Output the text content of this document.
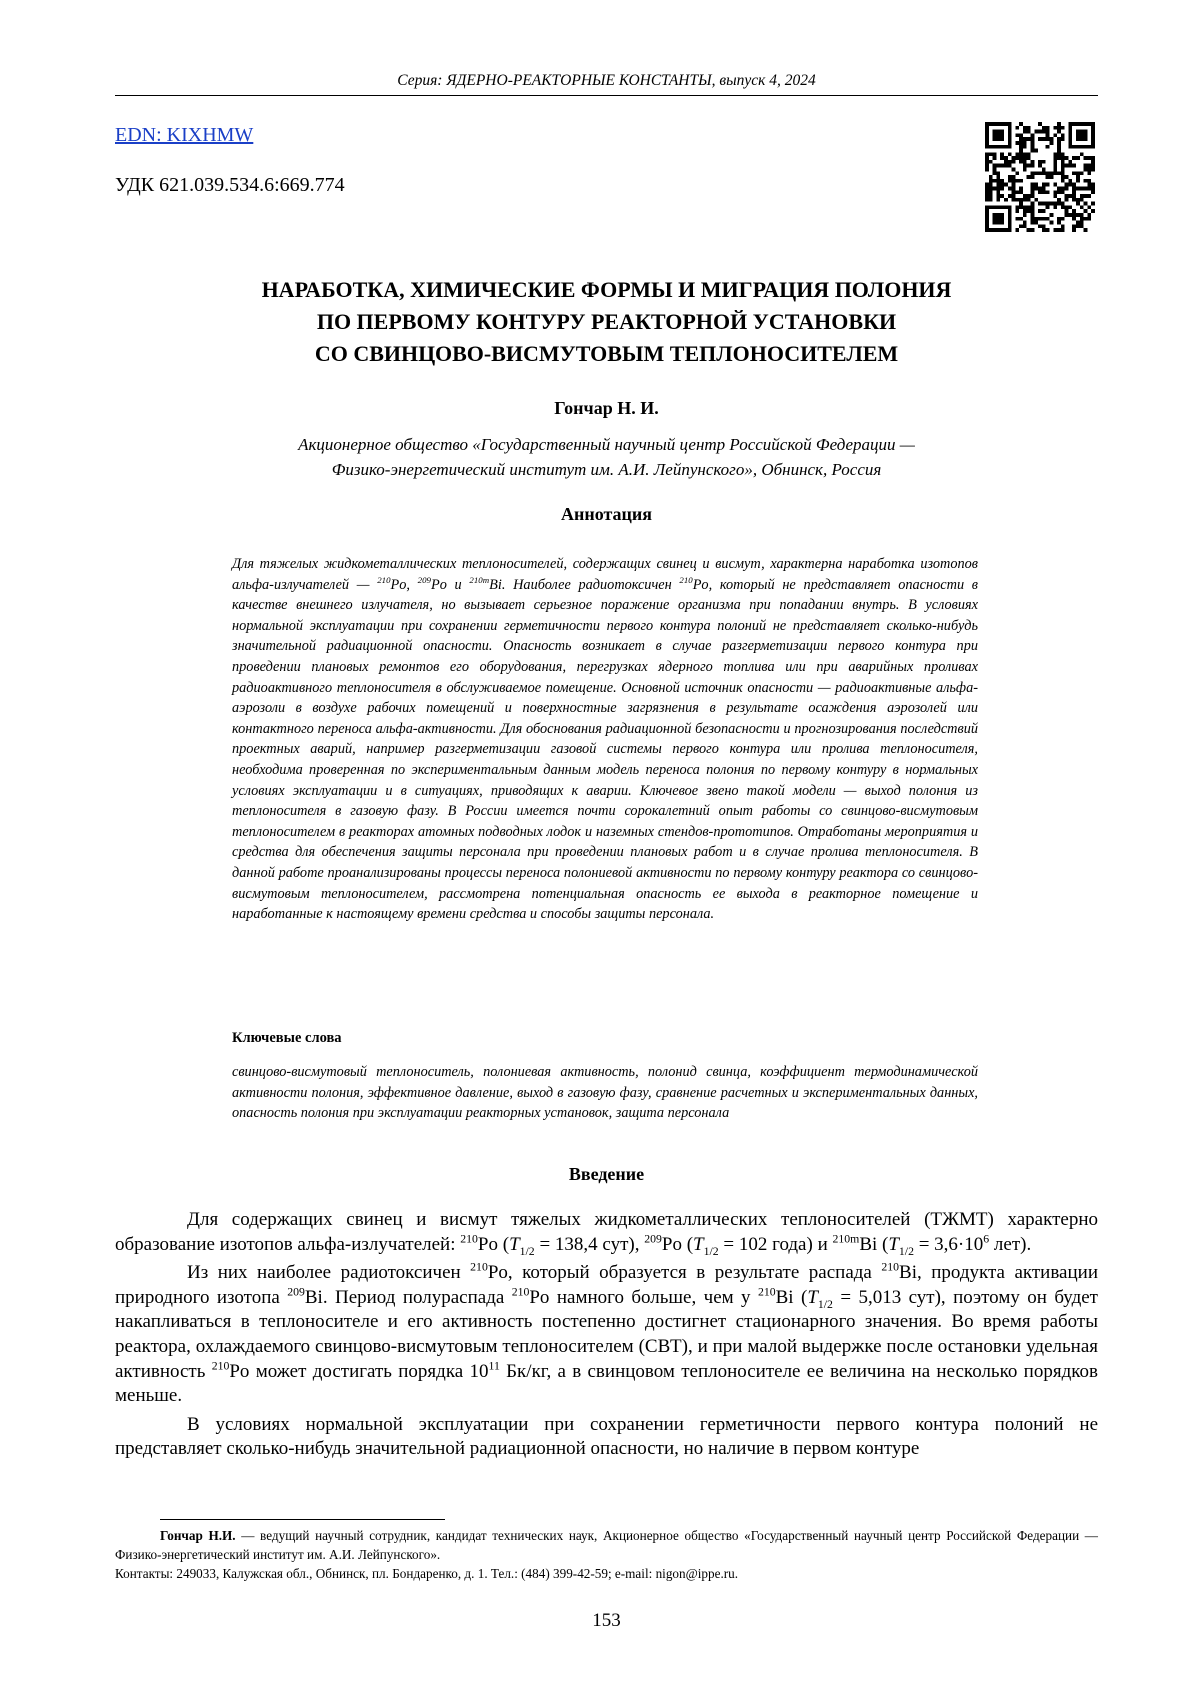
Серия: ЯДЕРНО-РЕАКТОРНЫЕ КОНСТАНТЫ, выпуск 4, 2024
EDN: KIXHMW
УДК 621.039.534.6:669.774
НАРАБОТКА, ХИМИЧЕСКИЕ ФОРМЫ И МИГРАЦИЯ ПОЛОНИЯ
ПО ПЕРВОМУ КОНТУРУ РЕАКТОРНОЙ УСТАНОВКИ
СО СВИНЦОВО-ВИСМУТОВЫМ ТЕПЛОНОСИТЕЛЕМ
Гончар Н. И.
Акционерное общество «Государственный научный центр Российской Федерации —
Физико-энергетический институт им. А.И. Лейпунского», Обнинск, Россия
Аннотация

Для тяжелых жидкометаллических теплоносителей, содержащих свинец и висмут, характерна наработка изотопов альфа-излучателей — $^{210}$Po, $^{209}$Po и $^{210m}$Bi. Наиболее радиотоксичен $^{210}$Po, который не представляет опасности в качестве внешнего излучателя, но вызывает серьезное поражение организма при попадании внутрь. В условиях нормальной эксплуатации при сохранении герметичности первого контура полоний не представляет сколько-нибудь значительной радиационной опасности. Опасность возникает в случае разгерметизации первого контура при проведении плановых ремонтов его оборудования, перегрузках ядерного топлива или при аварийных проливах радиоактивного теплоносителя в обслуживаемое помещение. Основной источник опасности — радиоактивные альфа-аэрозоли в воздухе рабочих помещений и поверхностные загрязнения в результате осаждения аэрозолей или контактного переноса альфа-активности. Для обоснования радиационной безопасности и прогнозирования последствий проектных аварий, например разгерметизации газовой системы первого контура или пролива теплоносителя, необходима проверенная по экспериментальным данным модель переноса полония по первому контуру в нормальных условиях эксплуатации и в ситуациях, приводящих к аварии. Ключевое звено такой модели — выход полония из теплоносителя в газовую фазу. В России имеется почти сорокалетний опыт работы со свинцово-висмутовым теплоносителем в реакторах атомных подводных лодок и наземных стендов-прототипов. Отработаны мероприятия и средства для обеспечения защиты персонала при проведении плановых работ и в случае пролива теплоносителя. В данной работе проанализированы процессы переноса полониевой активности по первому контуру реактора со свинцово-висмутовым теплоносителем, рассмотрена потенциальная опасность ее выхода в реакторное помещение и наработанные к настоящему времени средства и способы защиты персонала.

Ключевые слова
свинцово-висмутовый теплоноситель, полониевая активность, полонид свинца, коэффициент термодинамической активности полония, эффективное давление, выход в газовую фазу, сравнение расчетных и экспериментальных данных, опасность полония при эксплуатации реакторных установок, защита персонала
Введение

Для содержащих свинец и висмут тяжелых жидкометаллических теплоносителей (ТЖМТ) характерно образование изотопов альфа-излучателей: $^{210}$Po ($T_{1/2} = 138,4$ сут), $^{209}$Po ($T_{1/2} = 102$ года) и $^{210m}$Bi ($T_{1/2} = 3,6\cdot 10^6$ лет).

Из них наиболее радиотоксичен $^{210}$Po, который образуется в результате распада $^{210}$Bi, продукта активации природного изотопа $^{209}$Bi. Период полураспада $^{210}$Po намного больше, чем у $^{210}$Bi ($T_{1/2} = 5,013$ сут), поэтому он будет накапливаться в теплоносителе и его активность постепенно достигнет стационарного значения. Во время работы реактора, охлаждаемого свинцово-висмутовым теплоносителем (СВТ), и при малой выдержке после остановки удельная активность $^{210}$Po может достигать порядка $10^{11}$ Бк/кг, а в свинцовом теплоносителе ее величина на несколько порядков меньше.

В условиях нормальной эксплуатации при сохранении герметичности первого контура полоний не представляет сколько-нибудь значительной радиационной опасности, но наличие в первом контуре

Гончар Н.И. — ведущий научный сотрудник, кандидат технических наук, Акционерное общество «Государственный научный центр Российской Федерации — Физико-энергетический институт им. А.И. Лейпунского».

Контакты: 249033, Калужская обл., Обнинск, пл. Бондаренко, д. 1. Тел.: (484) 399-42-59; e-mail: nigon@ippe.ru.

153
